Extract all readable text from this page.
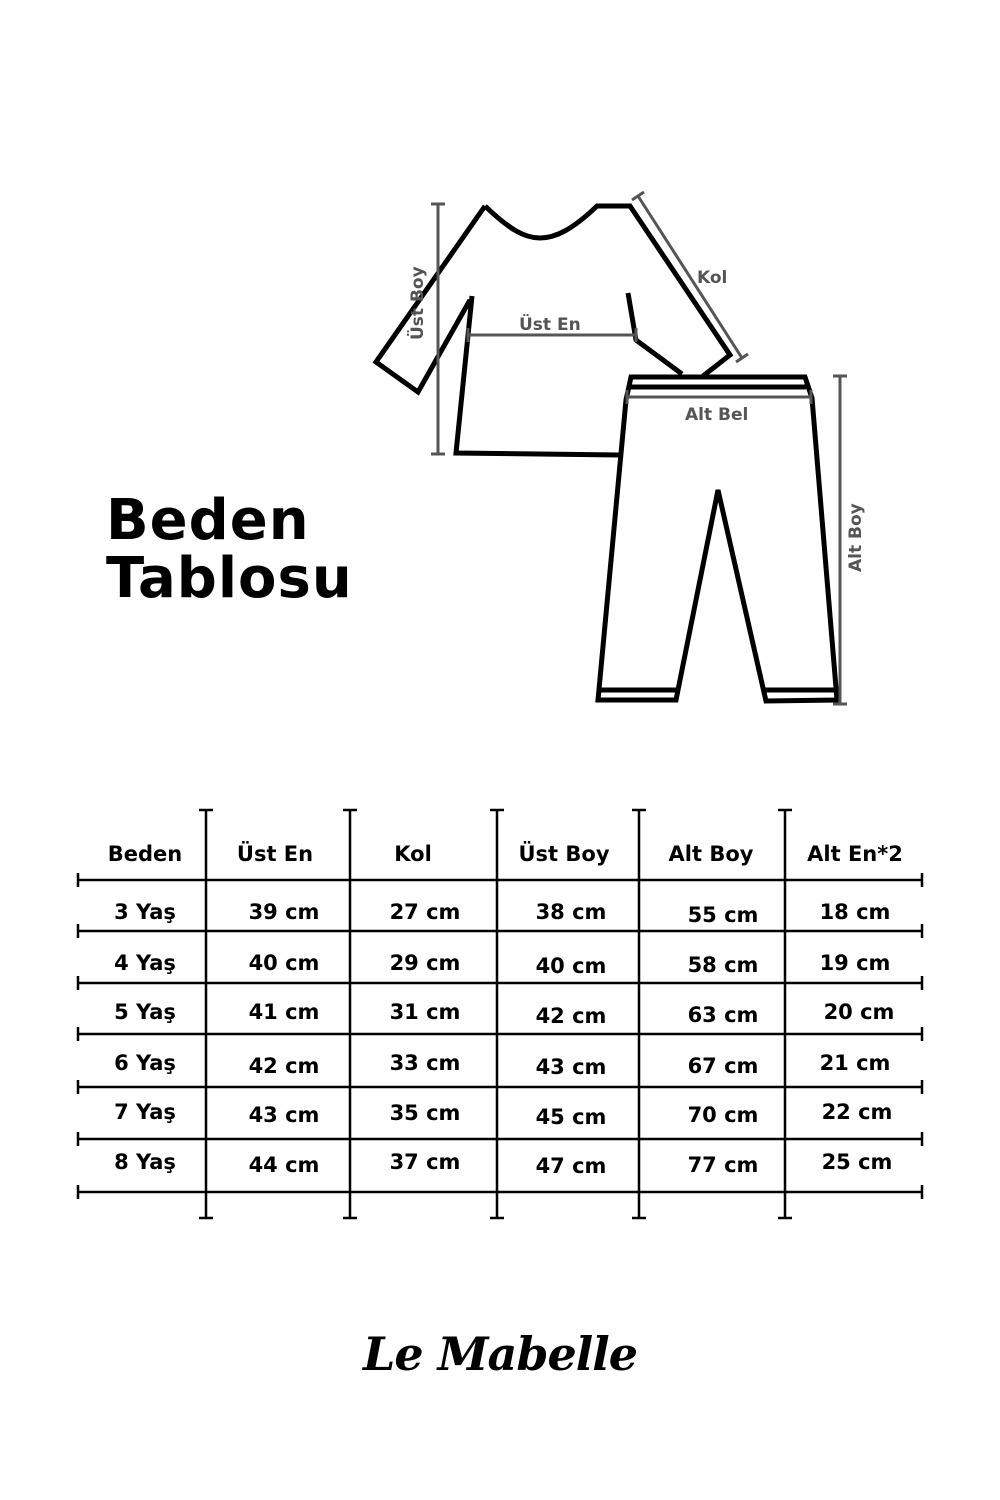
Beden
Tablosu
Üst Boy	Üst En
Kol
Alt Bel
Alt Boy
Beden	Üst En	Kol	Üst Boy	Alt Boy	Alt En*2
3 Yaş	39 cm	27 cm	38 cm	55 cm	18 cm
4 Yaş	40 cm	29 cm	40 cm	58 cm	19 cm
5 Yaş	41 cm	31 cm	42 cm	63 cm	20 cm
6 Yaş	42 cm	33 cm	43 cm	67 cm	21 cm
7 Yaş	43 cm	35 cm	45 cm	70 cm	22 cm
8 Yaş	44 cm	37 cm	47 cm	77 cm	25 cm
Le Mabelle
